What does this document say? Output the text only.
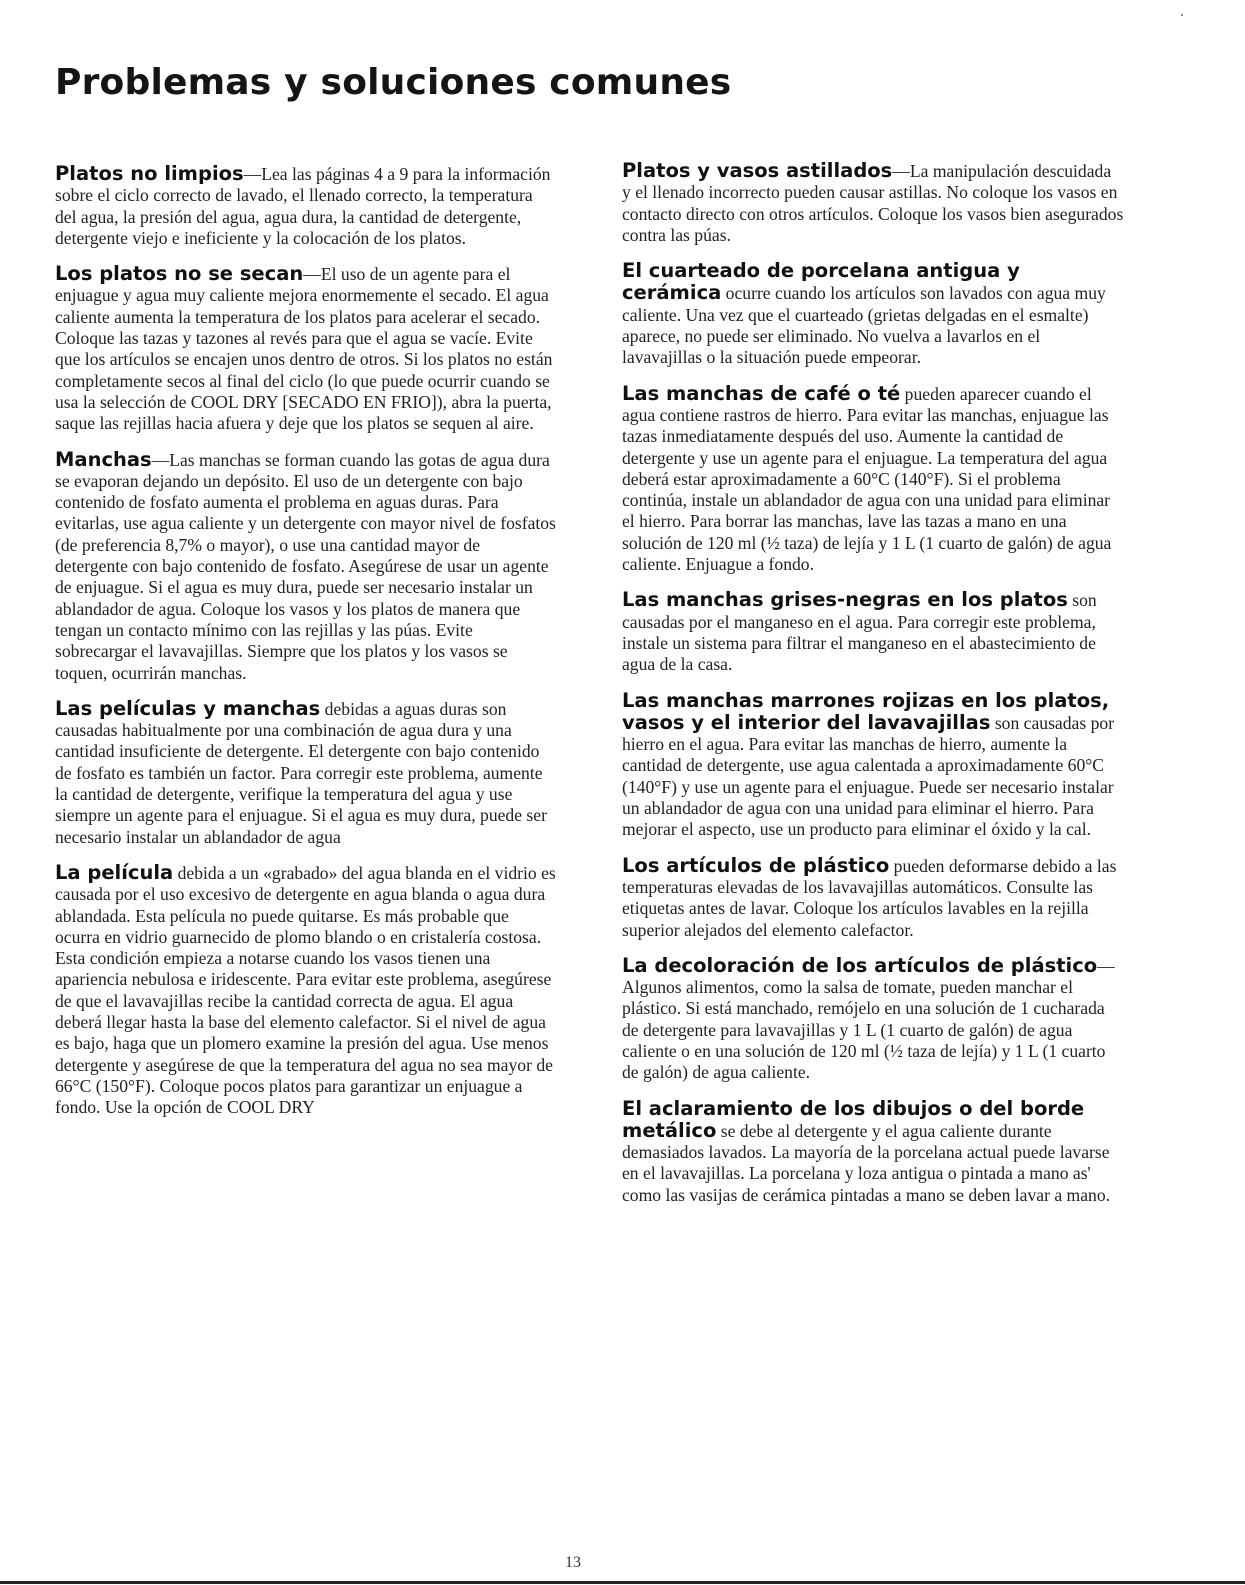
Problemas y soluciones comunes

Platos no limpios—Lea las páginas 4 a 9 para la información sobre el ciclo correcto de lavado, el llenado correcto, la temperatura del agua, la presión del agua, agua dura, la cantidad de detergente, detergente viejo e ineficiente y la colocación de los platos.

Los platos no se secan—El uso de un agente para el enjuague y agua muy caliente mejora enormemente el secado. El agua caliente aumenta la temperatura de los platos para acelerar el secado. Coloque las tazas y tazones al revés para que el agua se vacíe. Evite que los artículos se encajen unos dentro de otros. Si los platos no están completamente secos al final del ciclo (lo que puede ocurrir cuando se usa la selección de COOL DRY [SECADO EN FRIO]), abra la puerta, saque las rejillas hacia afuera y deje que los platos se sequen al aire.

Manchas—Las manchas se forman cuando las gotas de agua dura se evaporan dejando un depósito. El uso de un detergente con bajo contenido de fosfato aumenta el problema en aguas duras. Para evitarlas, use agua caliente y un detergente con mayor nivel de fosfatos (de preferencia 8,7% o mayor), o use una cantidad mayor de detergente con bajo contenido de fosfato. Asegúrese de usar un agente de enjuague. Si el agua es muy dura, puede ser necesario instalar un ablandador de agua. Coloque los vasos y los platos de manera que tengan un contacto mínimo con las rejillas y las púas. Evite sobrecargar el lavavajillas. Siempre que los platos y los vasos se toquen, ocurrirán manchas.

Las películas y manchas debidas a aguas duras son causadas habitualmente por una combinación de agua dura y una cantidad insuficiente de detergente. El detergente con bajo contenido de fosfato es también un factor. Para corregir este problema, aumente la cantidad de detergente, verifique la temperatura del agua y use siempre un agente para el enjuague. Si el agua es muy dura, puede ser necesario instalar un ablandador de agua

La película debida a un «grabado» del agua blanda en el vidrio es causada por el uso excesivo de detergente en agua blanda o agua dura ablandada. Esta película no puede quitarse. Es más probable que ocurra en vidrio guarnecido de plomo blando o en cristalería costosa. Esta condición empieza a notarse cuando los vasos tienen una apariencia nebulosa e iridescente. Para evitar este problema, asegúrese de que el lavavajillas recibe la cantidad correcta de agua. El agua deberá llegar hasta la base del elemento calefactor. Si el nivel de agua es bajo, haga que un plomero examine la presión del agua. Use menos detergente y asegúrese de que la temperatura del agua no sea mayor de 66°C (150°F). Coloque pocos platos para garantizar un enjuague a fondo. Use la opción de COOL DRY

Platos y vasos astillados—La manipulación descuidada y el llenado incorrecto pueden causar astillas. No coloque los vasos en contacto directo con otros artículos. Coloque los vasos bien asegurados contra las púas.

El cuarteado de porcelana antigua y cerámica ocurre cuando los artículos son lavados con agua muy caliente. Una vez que el cuarteado (grietas delgadas en el esmalte) aparece, no puede ser eliminado. No vuelva a lavarlos en el lavavajillas o la situación puede empeorar.

Las manchas de café o té pueden aparecer cuando el agua contiene rastros de hierro. Para evitar las manchas, enjuague las tazas inmediatamente después del uso. Aumente la cantidad de detergente y use un agente para el enjuague. La temperatura del agua deberá estar aproximadamente a 60°C (140°F). Si el problema continúa, instale un ablandador de agua con una unidad para eliminar el hierro. Para borrar las manchas, lave las tazas a mano en una solución de 120 ml (½ taza) de lejía y 1 L (1 cuarto de galón) de agua caliente. Enjuague a fondo.

Las manchas grises-negras en los platos son causadas por el manganeso en el agua. Para corregir este problema, instale un sistema para filtrar el manganeso en el abastecimiento de agua de la casa.

Las manchas marrones rojizas en los platos, vasos y el interior del lavavajillas son causadas por hierro en el agua. Para evitar las manchas de hierro, aumente la cantidad de detergente, use agua calentada a aproximadamente 60°C (140°F) y use un agente para el enjuague. Puede ser necesario instalar un ablandador de agua con una unidad para eliminar el hierro. Para mejorar el aspecto, use un producto para eliminar el óxido y la cal.

Los artículos de plástico pueden deformarse debido a las temperaturas elevadas de los lavavajillas automáticos. Consulte las etiquetas antes de lavar. Coloque los artículos lavables en la rejilla superior alejados del elemento calefactor.

La decoloración de los artículos de plástico—Algunos alimentos, como la salsa de tomate, pueden manchar el plástico. Si está manchado, remójelo en una solución de 1 cucharada de detergente para lavavajillas y 1 L (1 cuarto de galón) de agua caliente o en una solución de 120 ml (½ taza de lejía) y 1 L (1 cuarto de galón) de agua caliente.

El aclaramiento de los dibujos o del borde metálico se debe al detergente y el agua caliente durante demasiados lavados. La mayoría de la porcelana actual puede lavarse en el lavavajillas. La porcelana y loza antigua o pintada a mano as' como las vasijas de cerámica pintadas a mano se deben lavar a mano.

13
